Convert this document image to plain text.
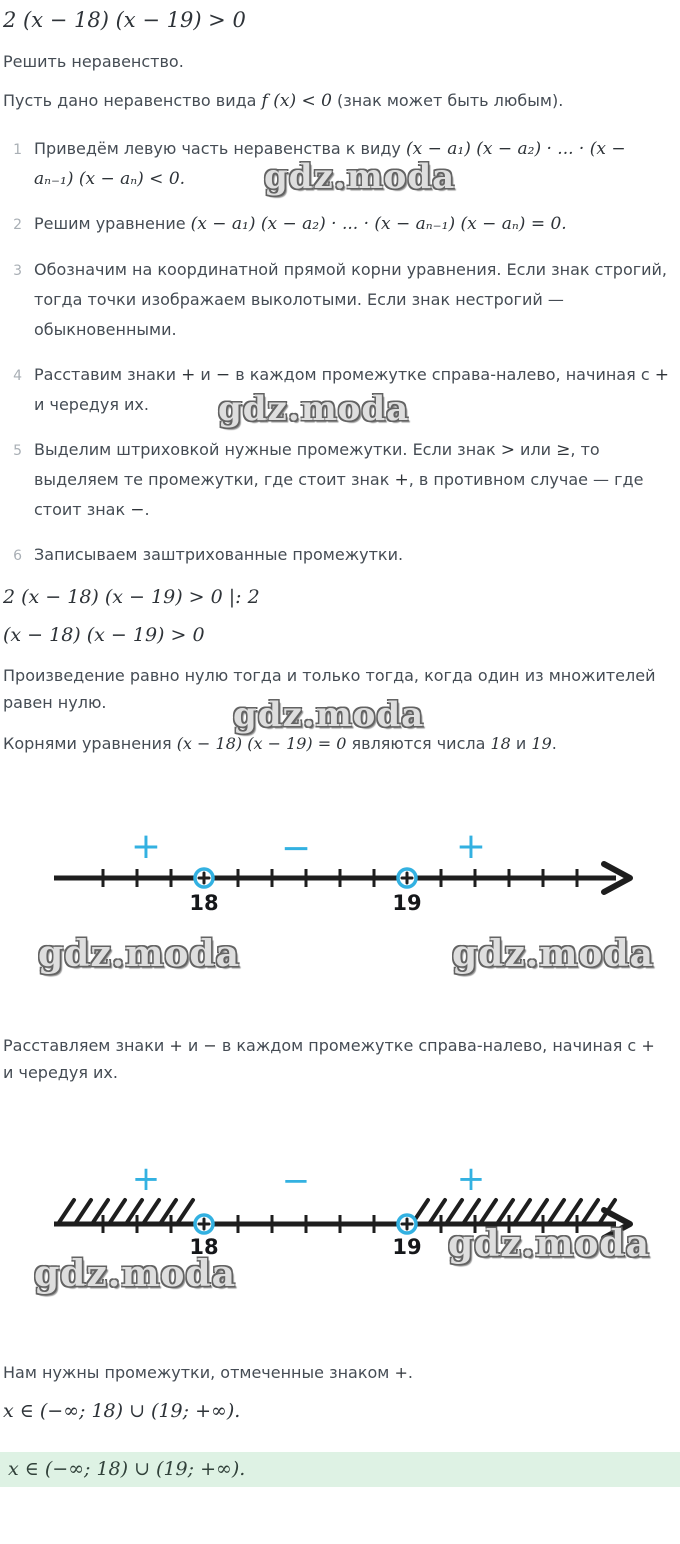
2 (x − 18) (x − 19) > 0

Решить неравенство.

Пусть дано неравенство вида f (x) < 0 (знак может быть любым).

1 Приведём левую часть неравенства к виду (x − a₁) (x − a₂) · ... · (x − aₙ₋₁) (x − aₙ) < 0.	gdz.moda
2 Решим уравнение (x − a₁) (x − a₂) · ... · (x − aₙ₋₁) (x − aₙ) = 0.
3 Обозначим на координатной прямой корни уравнения. Если знак строгий, тогда точки изображаем выколотыми. Если знак нестрогий — обыкновенными.
4 Расставим знаки + и − в каждом промежутке справа-налево, начиная с + и чередуя их.	gdz.moda
5 Выделим штриховкой нужные промежутки. Если знак > или ≥, то выделяем те промежутки, где стоит знак +, в противном случае — где стоит знак −.
6 Записываем заштрихованные промежутки.
2 (x − 18) (x − 19) > 0 |: 2
(x − 18) (x − 19) > 0

Произведение равно нулю тогда и только тогда, когда один из множителей равен нулю.	gdz.moda

Корнями уравнения (x − 18) (x − 19) = 0 являются числа 18 и 19.

+	−	+
18	19
gdz.moda	gdz.moda

Расставляем знаки + и − в каждом промежутке справа-налево, начиная с + и чередуя их.

+	−	+
18	19 gdz.moda
gdz.moda

Нам нужны промежутки, отмеченные знаком +.

x ∈ (−∞; 18) ∪ (19; +∞).
x ∈ (−∞; 18) ∪ (19; +∞).
